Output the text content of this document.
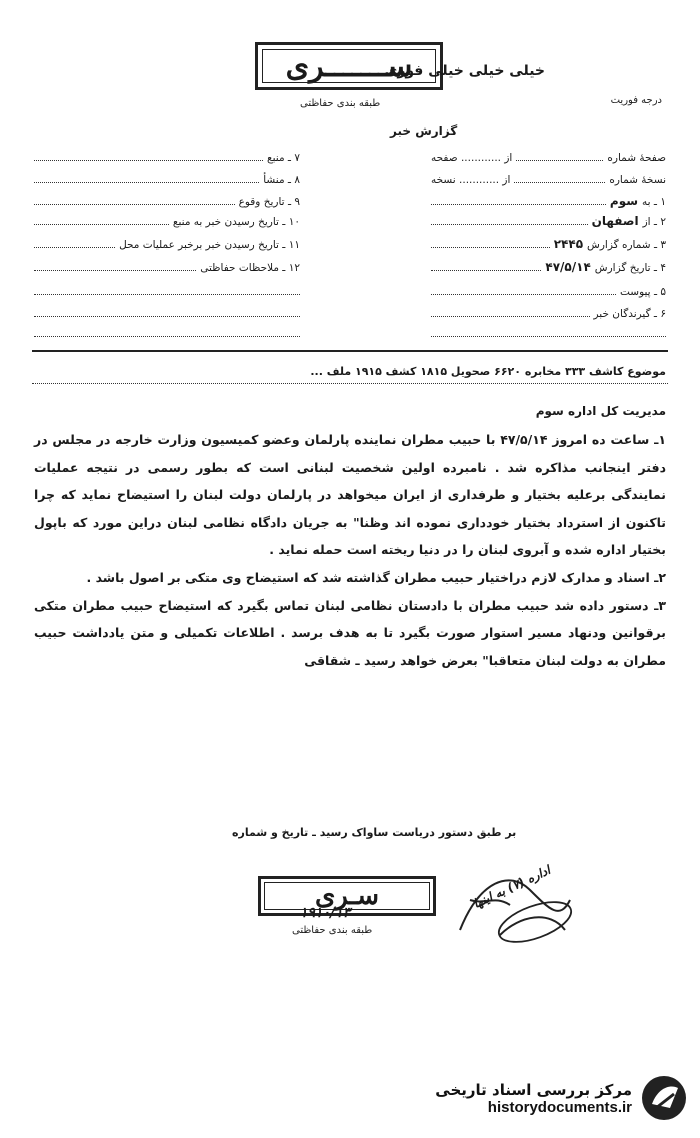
ســـــــری
طبقه بندی حفاظتی
خیلی خیلی خیلی فوری
درجه فوریت
گزارش خبر
صفحهٔ شماره
از ............ صفحه
نسخهٔ شماره
از ............ نسخه
۱ ـ به
سوم
۲ ـ از
اصفهان
۳ ـ شماره گزارش
۲۴۴۵
۴ ـ تاریخ گزارش
۴۷/۵/۱۴
۵ ـ پیوست
۶ ـ گیرندگان خبر
۷ ـ منبع
۸ ـ منشأ
۹ ـ تاریخ وقوع
۱۰ ـ تاریخ رسیدن خبر به منبع
۱۱ ـ تاریخ رسیدن خبر برخبر عملیات محل
۱۲ ـ ملاحظات حفاظتی
موضوع کاشف ۳۳۳ مخابره ۶۶۲۰ صحویل ۱۸۱۵ کشف ۱۹۱۵ ملف ...
مدیریت کل اداره سوم

۱ـ ساعت ده امروز ۴۷/۵/۱۴ با حبیب مطران نماینده پارلمان وعضو کمیسیون وزارت خارجه در مجلس در دفتر اینجانب مذاکره شد . نامبرده اولین شخصیت لبنانی است که بطور رسمی در نتیجه عملیات نمایندگی برعلیه بختیار و طرفداری از ایران میخواهد در پارلمان دولت لبنان را استیضاح نماید که چرا تاکنون از استرداد بختیار خودداری نموده اند وظنا" به جریان دادگاه نظامی لبنان دراین مورد که باپول بختیار اداره شده و آبروی لبنان را در دنیا ریخته است حمله نماید .

۲ـ اسناد و مدارک لازم دراختیار حبیب مطران گذاشته شد که استیضاح وی متکی بر اصول باشد .

۳ـ دستور داده شد حبیب مطران با دادستان نظامی لبنان تماس بگیرد که استیضاح حبیب مطران متکی برقوانین ودنهاد مسیر استوار صورت بگیرد تا به هدف برسد . اطلاعات تکمیلی و متن یادداشت حبیب مطران به دولت لبنان متعاقبا" بعرض خواهد رسید ـ شقاقی

بر طبق دستور دریاست ساواک رسید ـ تاریخ و شماره
سـری
۱۹۱۰/۱۳
طبقه بندی حفاظتی
اداره (۷) به اینها
مرکز بررسی اسناد تاریخی
historydocuments.ir
